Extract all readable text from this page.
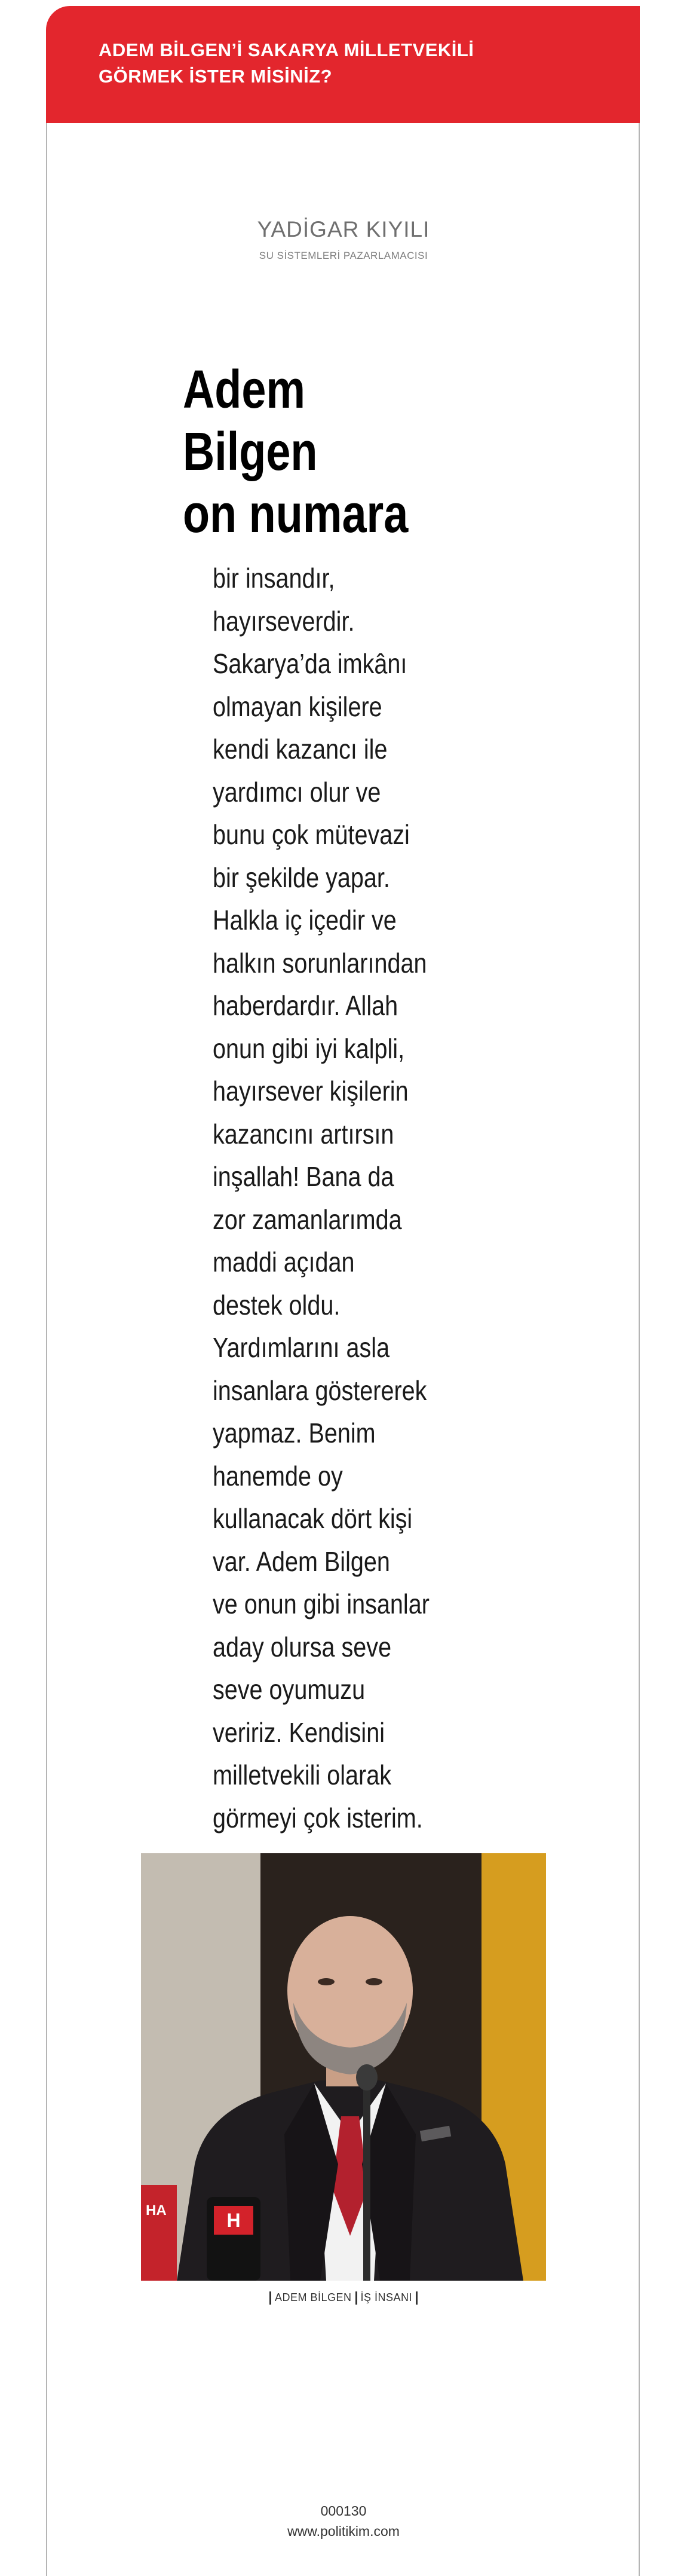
ADEM BİLGEN’İ SAKARYA MİLLETVEKİLİ
GÖRMEK İSTER MİSİNİZ?
YADİGAR KIYILI
SU SİSTEMLERİ PAZARLAMACISI
Adem
Bilgen
on numara
bir insandır,
hayırseverdir.
Sakarya’da imkânı
olmayan kişilere
kendi kazancı ile
yardımcı olur ve
bunu çok mütevazi
bir şekilde yapar.
Halkla iç içedir ve
halkın sorunlarından
haberdardır. Allah
onun gibi iyi kalpli,
hayırsever kişilerin
kazancını artırsın
inşallah! Bana da
zor zamanlarımda
maddi açıdan
destek oldu.
Yardımlarını asla
insanlara göstererek
yapmaz. Benim
hanemde oy
kullanacak dört kişi
var. Adem Bilgen
ve onun gibi insanlar
aday olursa seve
seve oyumuzu
veririz. Kendisini
milletvekili olarak
görmeyi çok isterim.
H
HA
ADEM BİLGEN İŞ İNSANI
000130
www.politikim.com
